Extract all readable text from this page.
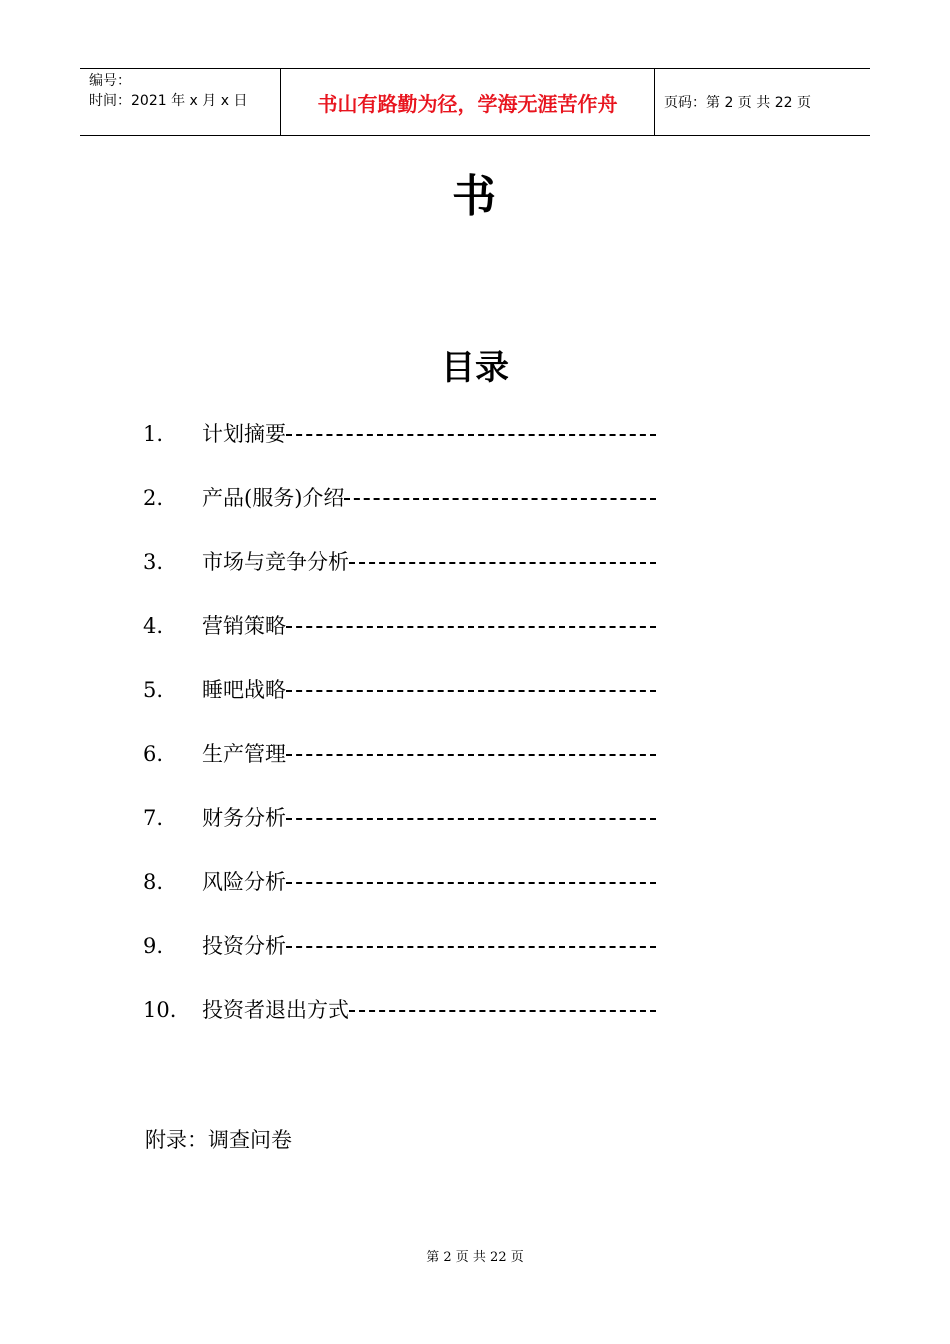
编号：
时间：2021 年 x 月 x 日	书山有路勤为径，学海无涯苦作舟	页码：第 2 页 共 22 页
书
目录
1. 计划摘要
2. 产品(服务)介绍
3. 市场与竞争分析
4. 营销策略
5. 睡吧战略
6. 生产管理
7. 财务分析
8. 风险分析
9. 投资分析
10. 投资者退出方式
附录：调查问卷
第 2 页 共 22 页
